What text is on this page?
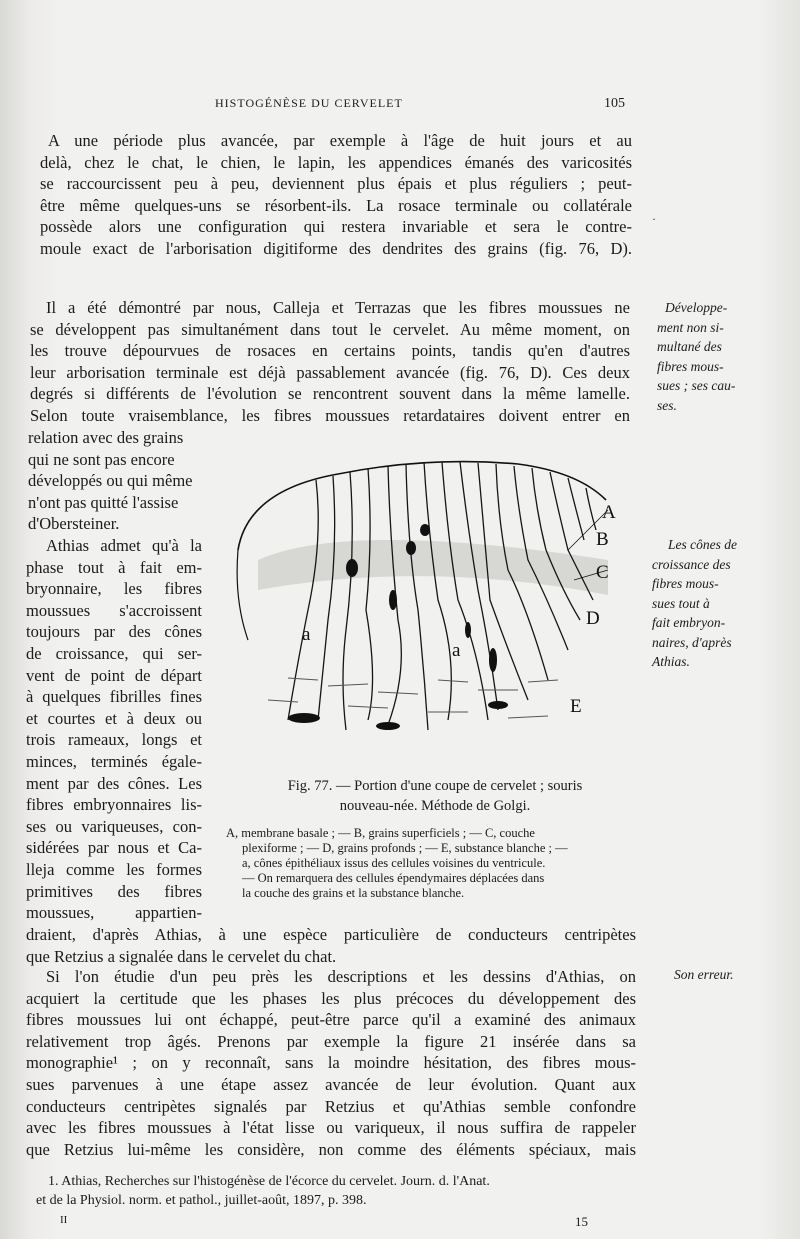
HISTOGÉNÈSE DU CERVELET	105
A une période plus avancée, par exemple à l'âge de huit jours et au
delà, chez le chat, le chien, le lapin, les appendices émanés des varicosités
se raccourcissent peu à peu, deviennent plus épais et plus réguliers ; peut-
être même quelques-uns se résorbent-ils. La rosace terminale ou collatérale
possède alors une configuration qui restera invariable et sera le contre-
moule exact de l'arborisation digitiforme des dendrites des grains (fig. 76, D).
·
Il a été démontré par nous, Calleja et Terrazas que les fibres moussues ne
se développent pas simultanément dans tout le cervelet. Au même moment, on
les trouve dépourvues de rosaces en certains points, tandis qu'en d'autres
leur arborisation terminale est déjà passablement avancée (fig. 76, D). Ces deux
degrés si différents de l'évolution se rencontrent souvent dans la même lamelle.
Selon toute vraisemblance, les fibres moussues retardataires doivent entrer en
relation avec des grains
qui ne sont pas encore
développés ou qui même
n'ont pas quitté l'assise
d'Obersteiner.
Athias admet qu'à la
phase tout à fait em-
bryonnaire, les fibres
moussues s'accroissent
toujours par des cônes
de croissance, qui ser-
vent de point de départ
à quelques fibrilles fines
et courtes et à deux ou
trois rameaux, longs et
minces, terminés égale-
ment par des cônes. Les
fibres embryonnaires lis-
ses ou variqueuses, con-
sidérées par nous et Ca-
lleja comme les formes
primitives des fibres
moussues, appartien-
draient, d'après Athias, à une espèce particulière de conducteurs centripètes
que Retzius a signalée dans le cervelet du chat.
Si l'on étudie d'un peu près les descriptions et les dessins d'Athias, on
acquiert la certitude que les phases les plus précoces du développement des
fibres moussues lui ont échappé, peut-être parce qu'il a examiné des animaux
relativement trop âgés. Prenons par exemple la figure 21 insérée dans sa
monographie¹ ; on y reconnaît, sans la moindre hésitation, des fibres mous-
sues parvenues à une étape assez avancée de leur évolution. Quant aux
conducteurs centripètes signalés par Retzius et qu'Athias semble confondre
avec les fibres moussues à l'état lisse ou variqueux, il nous suffira de rappeler
que Retzius lui-même les considère, non comme des éléments spéciaux, mais
Développe-
ment non si-
multané des
fibres mous-
sues ; ses cau-
ses.
Les cônes de
croissance des
fibres mous-
sues tout à
fait embryon-
naires, d'après
Athias.
Son erreur.
A
B
C
D
E
a
a
Fig. 77. — Portion d'une coupe de cervelet ; souris
nouveau-née. Méthode de Golgi.
A, membrane basale ; — B, grains superficiels ; — C, couche
plexiforme ; — D, grains profonds ; — E, substance blanche ; —
a, cônes épithéliaux issus des cellules voisines du ventricule.
— On remarquera des cellules épendymaires déplacées dans
la couche des grains et la substance blanche.
1. Athias, Recherches sur l'histogénèse de l'écorce du cervelet. Journ. d. l'Anat.
et de la Physiol. norm. et pathol., juillet-août, 1897, p. 398.
II	15
